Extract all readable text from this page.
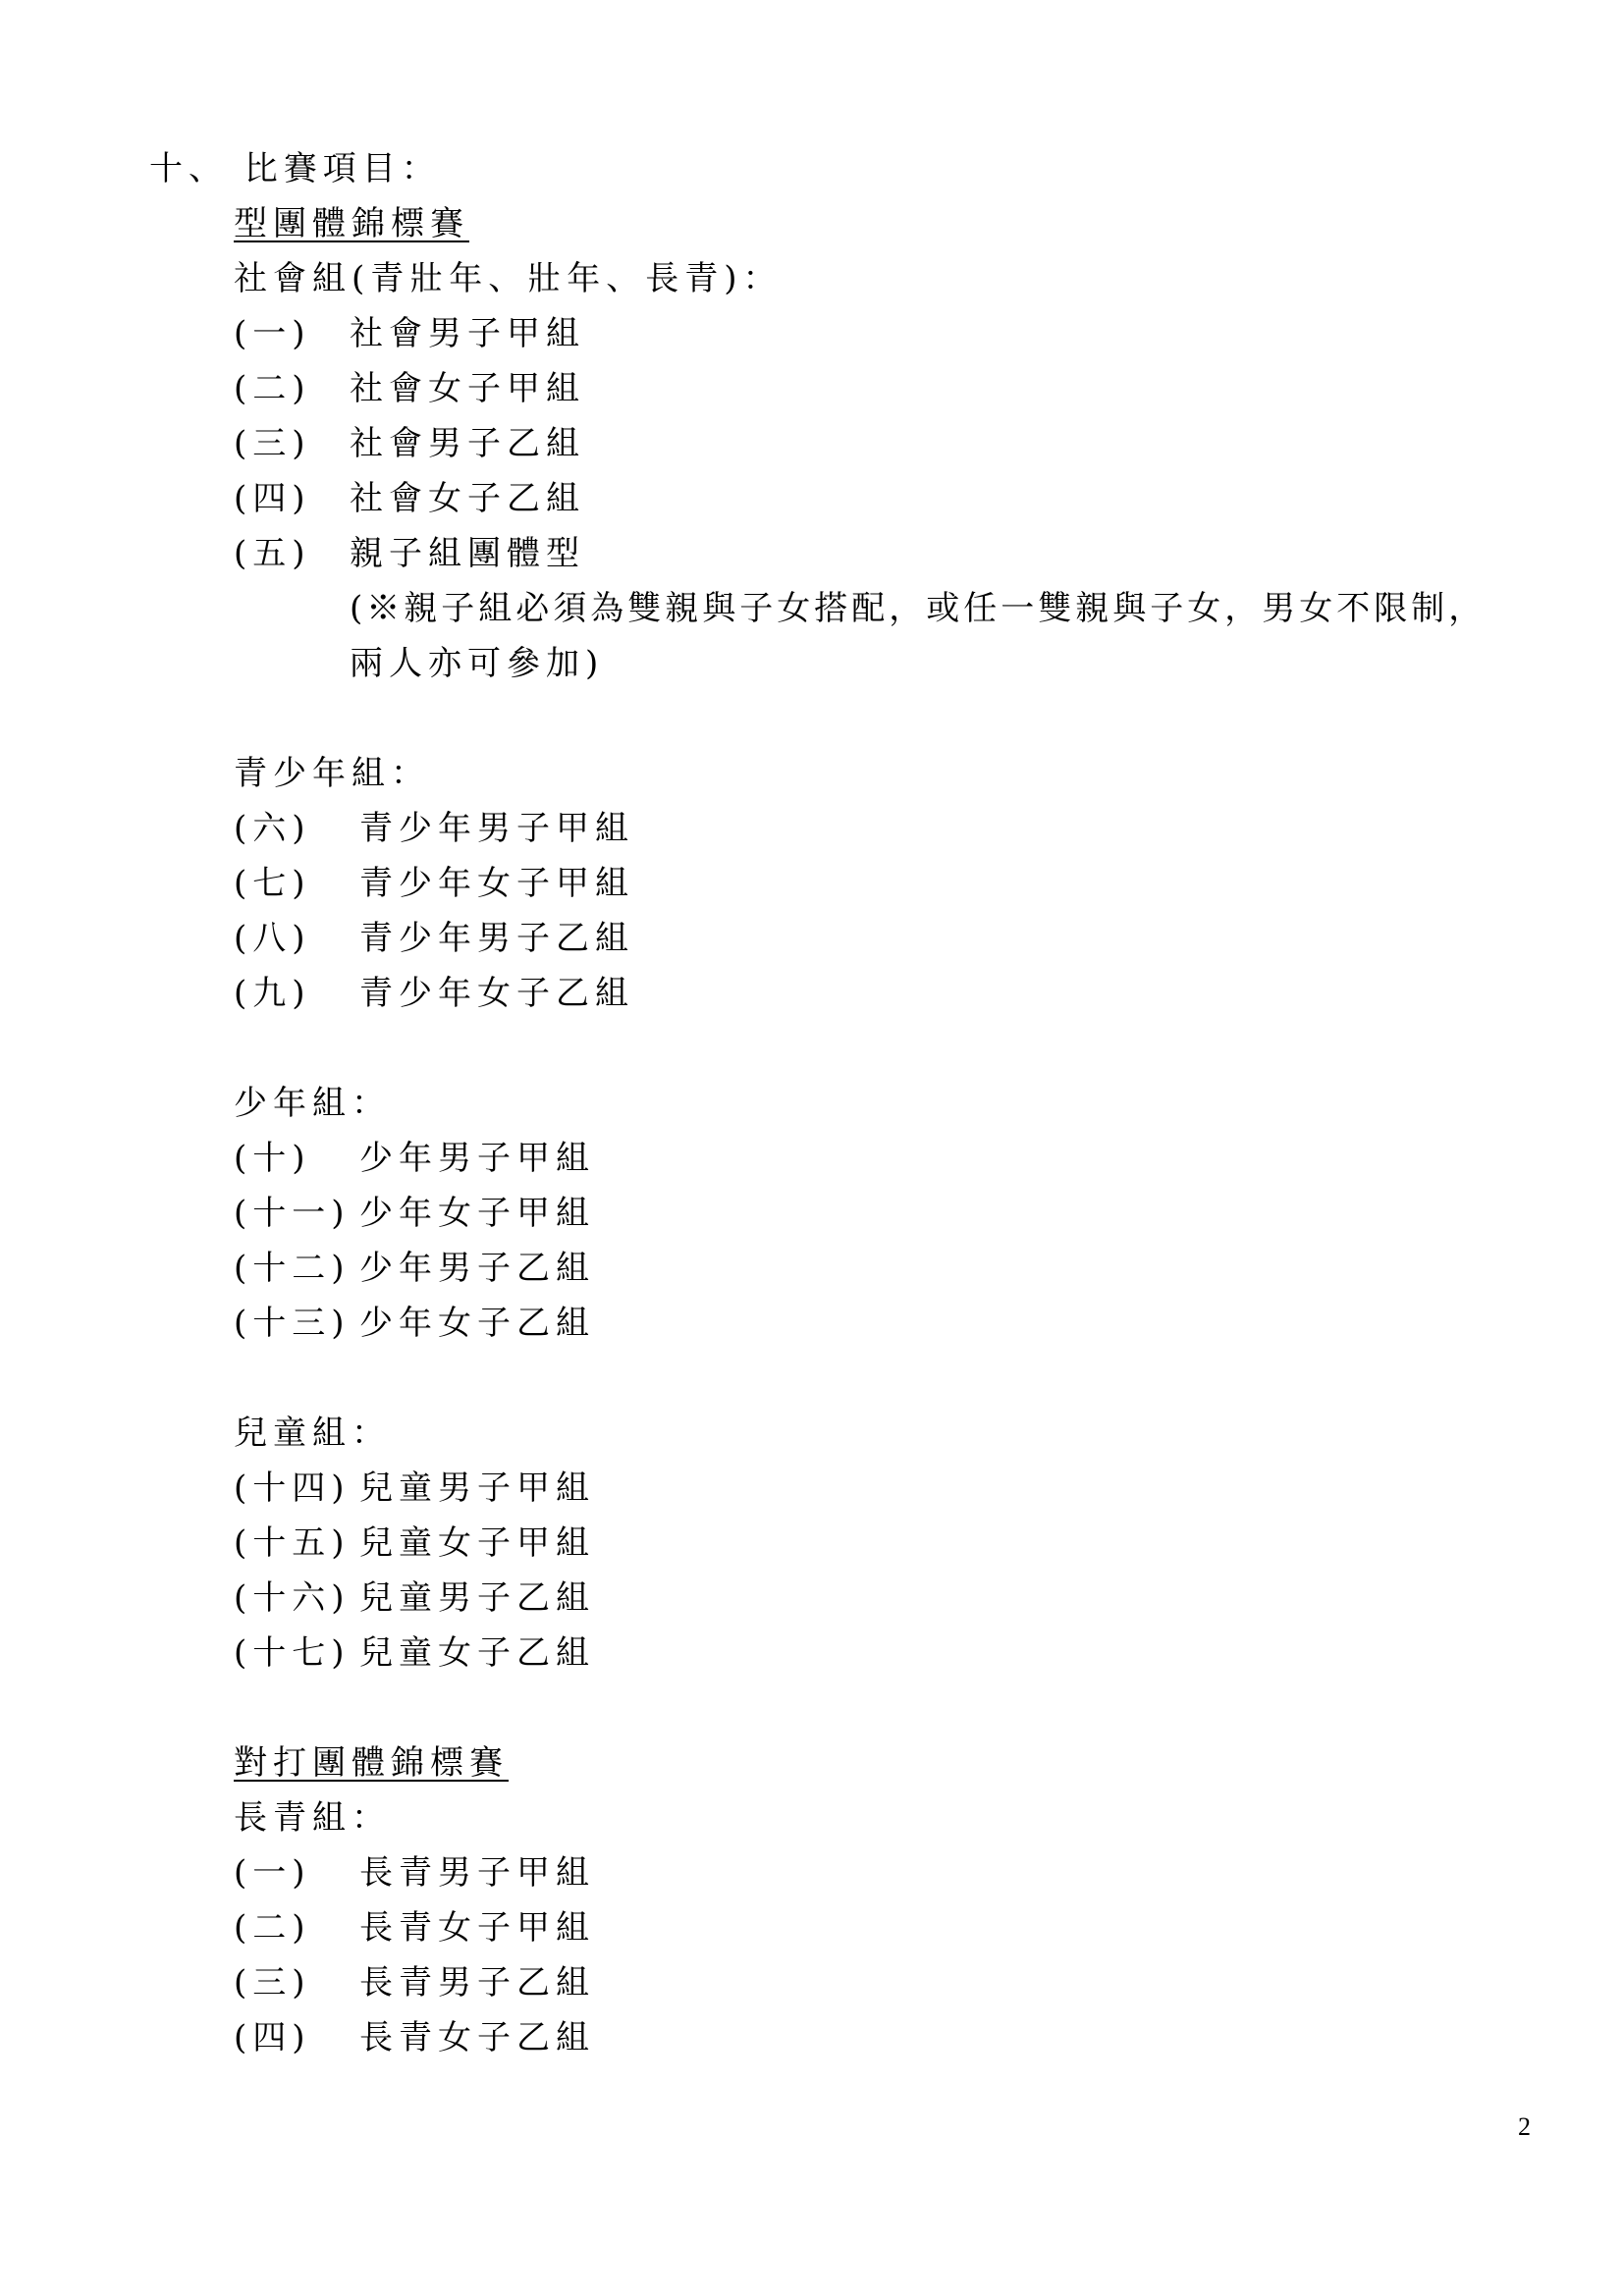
十、 比賽項目：
型團體錦標賽
社會組(青壯年、壯年、長青)：
(一) 社會男子甲組
(二) 社會女子甲組
(三) 社會男子乙組
(四) 社會女子乙組
(五) 親子組團體型
(※親子組必須為雙親與子女搭配，或任一雙親與子女，男女不限制，
兩人亦可參加)
青少年組：
(六) 青少年男子甲組
(七) 青少年女子甲組
(八) 青少年男子乙組
(九) 青少年女子乙組
少年組：
(十) 少年男子甲組
(十一) 少年女子甲組
(十二) 少年男子乙組
(十三) 少年女子乙組
兒童組：
(十四) 兒童男子甲組
(十五) 兒童女子甲組
(十六) 兒童男子乙組
(十七) 兒童女子乙組
對打團體錦標賽
長青組：
(一) 長青男子甲組
(二) 長青女子甲組
(三) 長青男子乙組
(四) 長青女子乙組
2
